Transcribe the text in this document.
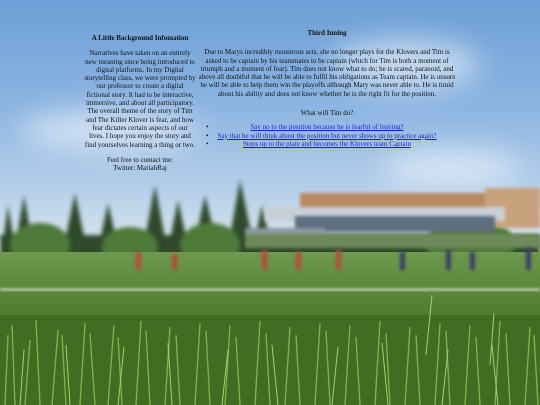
A Little Background Infomation

Narratives have taken on an entirely new meaning since being introduced to digital platforms. In my Digital storytelling class, we were prompted by our professor to create a digital fictional story. It had to be interactive, immersive, and about all participatory. The overall theme of the story of Tim and The Killer Klover is fear, and how fear dictates certain aspects of our lives. I hope you enjoy the story and find yourselves learning a thing or two.

Feel free to contact me:

Twitter: MariahRaj

Third Inning

Due to Marys incredibly monstrous acts, she no longer plays for the Klovers and Tim is asked to be captain by his teammates to be captain (which for Tim is both a moment of triumph and a moment of fear). Tim does not know what to do; he is scared, paranoid, and above all doubtful that he will be able to fulfil his obligations as Team captain. He is unsure he will be able to help them win the playoffs although Mary was never able to. He is timid about his ability and does not know whether he is the right fit for the position.

What will Tim do?

•	Say no to the position because he is fearful of leaving?
• Say that he will think about the position but never shows up to practice again?
•	Steps up to the plate and becomes the Klovers team Captain
